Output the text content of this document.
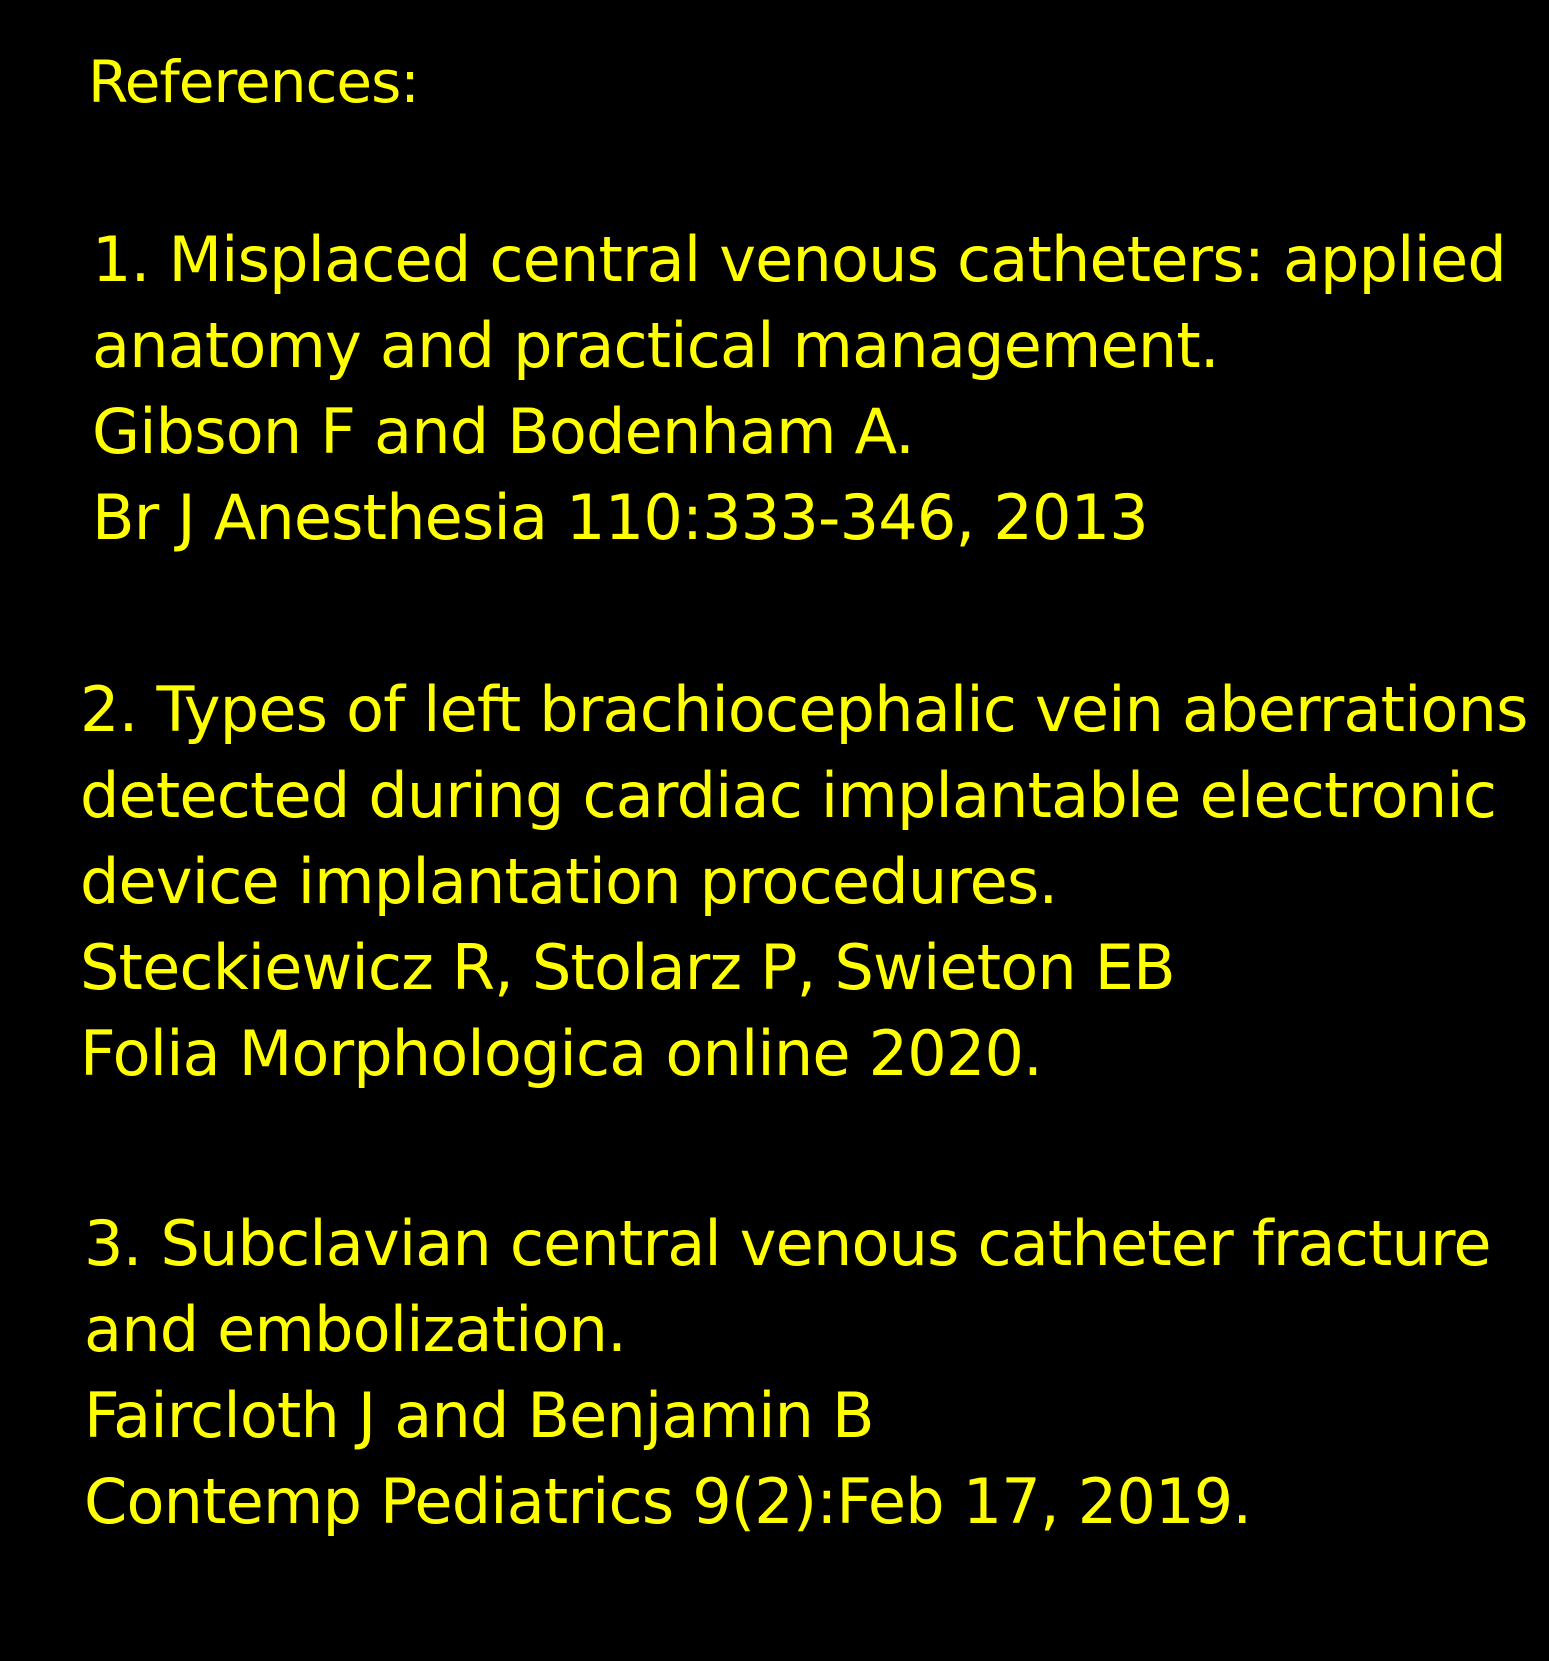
References:
1. Misplaced central venous catheters: applied
anatomy and practical management.
Gibson F and Bodenham A.
Br J Anesthesia 110:333-346, 2013
2. Types of left brachiocephalic vein aberrations
detected during cardiac implantable electronic
device implantation procedures.
Steckiewicz R, Stolarz P, Swieton EB
Folia Morphologica online 2020.
3. Subclavian central venous catheter fracture
and embolization.
Faircloth J and Benjamin B
Contemp Pediatrics 9(2):Feb 17, 2019.
